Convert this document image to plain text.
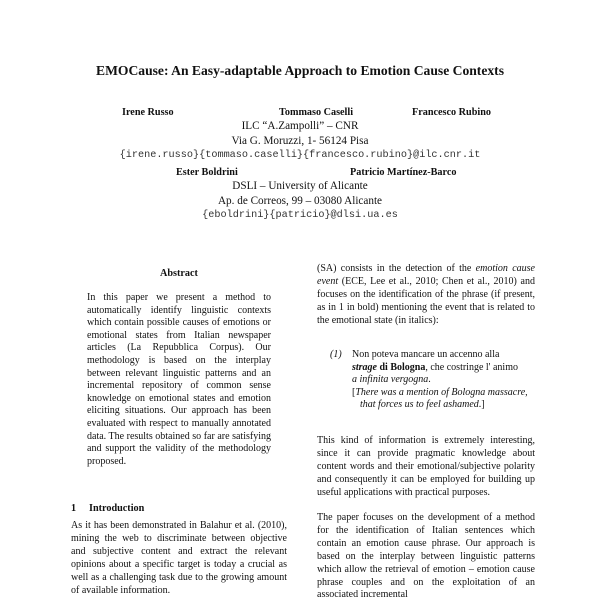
EMOCause: An Easy-adaptable Approach to Emotion Cause Contexts
Irene Russo	Tommaso Caselli	Francesco Rubino
ILC “A.Zampolli” – CNR
Via G. Moruzzi, 1- 56124 Pisa
{irene.russo}{tommaso.caselli}{francesco.rubino}@ilc.cnr.it
Ester Boldrini	Patricio Martínez-Barco
DSLI – University of Alicante
Ap. de Correos, 99 – 03080 Alicante
{eboldrini}{patricio}@dlsi.ua.es
Abstract
In this paper we present a method to automatically identify linguistic contexts which contain possible causes of emotions or emotional states from Italian newspaper articles (La Repubblica Corpus). Our methodology is based on the interplay between relevant linguistic patterns and an incremental repository of common sense knowledge on emotional states and emotion eliciting situations. Our approach has been evaluated with respect to manually annotated data. The results obtained so far are satisfying and support the validity of the methodology proposed.
1 Introduction
As it has been demonstrated in Balahur et al. (2010), mining the web to discriminate between objective and subjective content and extract the relevant opinions about a specific target is today a crucial as well as a challenging task due to the growing amount of available information.
(SA) consists in the detection of the emotion cause event (ECE, Lee et al., 2010; Chen et al., 2010) and focuses on the identification of the phrase (if present, as in 1 in bold) mentioning the event that is related to the emotional state (in italics):

(1) Non poteva mancare un accenno alla

strage di Bologna, che costringe l' animo

a infinita vergogna.

[There was a mention of Bologna massacre,

that forces us to feel ashamed.]

This kind of information is extremely interesting, since it can provide pragmatic knowledge about content words and their emotional/subjective polarity and consequently it can be employed for building up useful applications with practical purposes.
The paper focuses on the development of a method for the identification of Italian sentences which contain an emotion cause phrase. Our approach is based on the interplay between linguistic patterns which allow the retrieval of emotion – emotion cause phrase couples and on the exploitation of an associated incremental
